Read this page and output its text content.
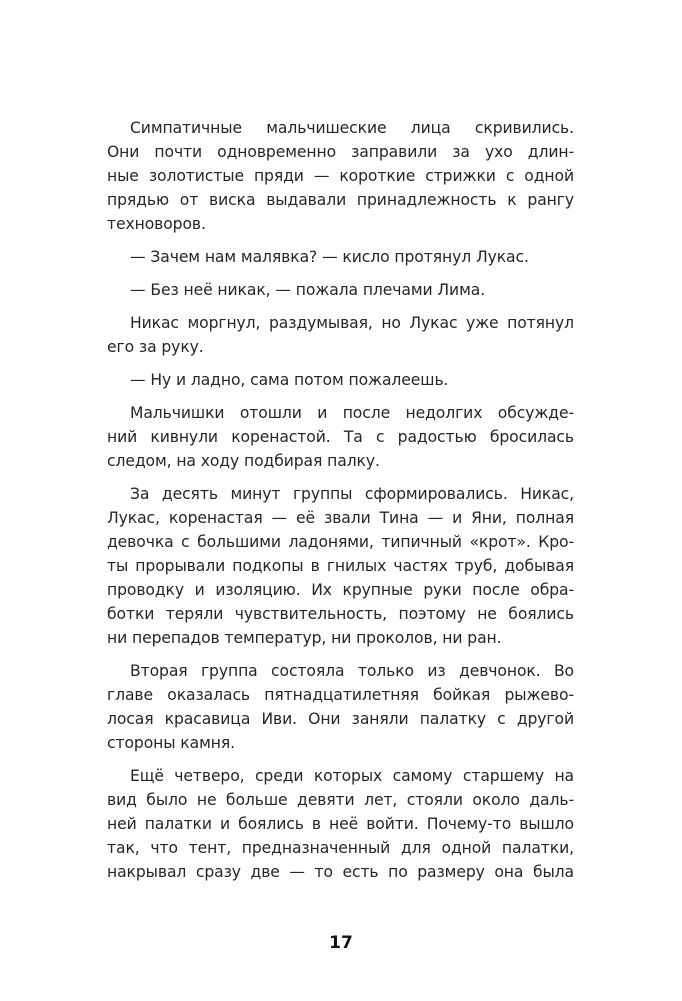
Симпатичные мальчишеские лица скривились.
Они почти одновременно заправили за ухо длин-
ные золотистые пряди — короткие стрижки с одной
прядью от виска выдавали принадлежность к рангу
техноворов.
— Зачем нам малявка? — кисло протянул Лукас.
— Без неё никак, — пожала плечами Лима.
Никас моргнул, раздумывая, но Лукас уже потянул
его за руку.
— Ну и ладно, сама потом пожалеешь.
Мальчишки отошли и после недолгих обсужде-
ний кивнули коренастой. Та с радостью бросилась
следом, на ходу подбирая палку.
За десять минут группы сформировались. Никас,
Лукас, коренастая — её звали Тина — и Яни, полная
девочка с большими ладонями, типичный «крот». Кро-
ты прорывали подкопы в гнилых частях труб, добывая
проводку и изоляцию. Их крупные руки после обра-
ботки теряли чувствительность, поэтому не боялись
ни перепадов температур, ни проколов, ни ран.
Вторая группа состояла только из девчонок. Во
главе оказалась пятнадцатилетняя бойкая рыжево-
лосая красавица Иви. Они заняли палатку с другой
стороны камня.
Ещё четверо, среди которых самому старшему на
вид было не больше девяти лет, стояли около даль-
ней палатки и боялись в неё войти. Почему-то вышло
так, что тент, предназначенный для одной палатки,
накрывал сразу две — то есть по размеру она была
17
